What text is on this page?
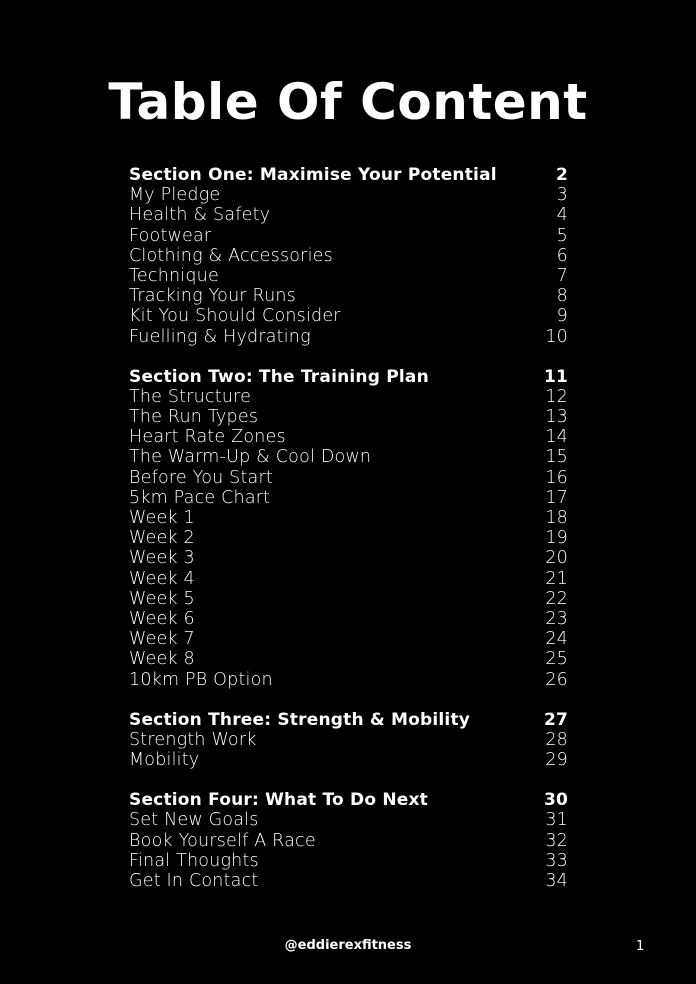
Table Of Content
Section One: Maximise Your Potential	2
My Pledge	3
Health & Safety	4
Footwear	5
Clothing & Accessories	6
Technique	7
Tracking Your Runs	8
Kit You Should Consider	9
Fuelling & Hydrating	10
Section Two: The Training Plan	11
The Structure	12
The Run Types	13
Heart Rate Zones	14
The Warm-Up & Cool Down	15
Before You Start	16
5km Pace Chart	17
Week 1	18
Week 2	19
Week 3	20
Week 4	21
Week 5	22
Week 6	23
Week 7	24
Week 8	25
10km PB Option	26
Section Three: Strength & Mobility	27
Strength Work	28
Mobility	29
Section Four: What To Do Next	30
Set New Goals	31
Book Yourself A Race	32
Final Thoughts	33
Get In Contact	34
@eddierexfitness	1
